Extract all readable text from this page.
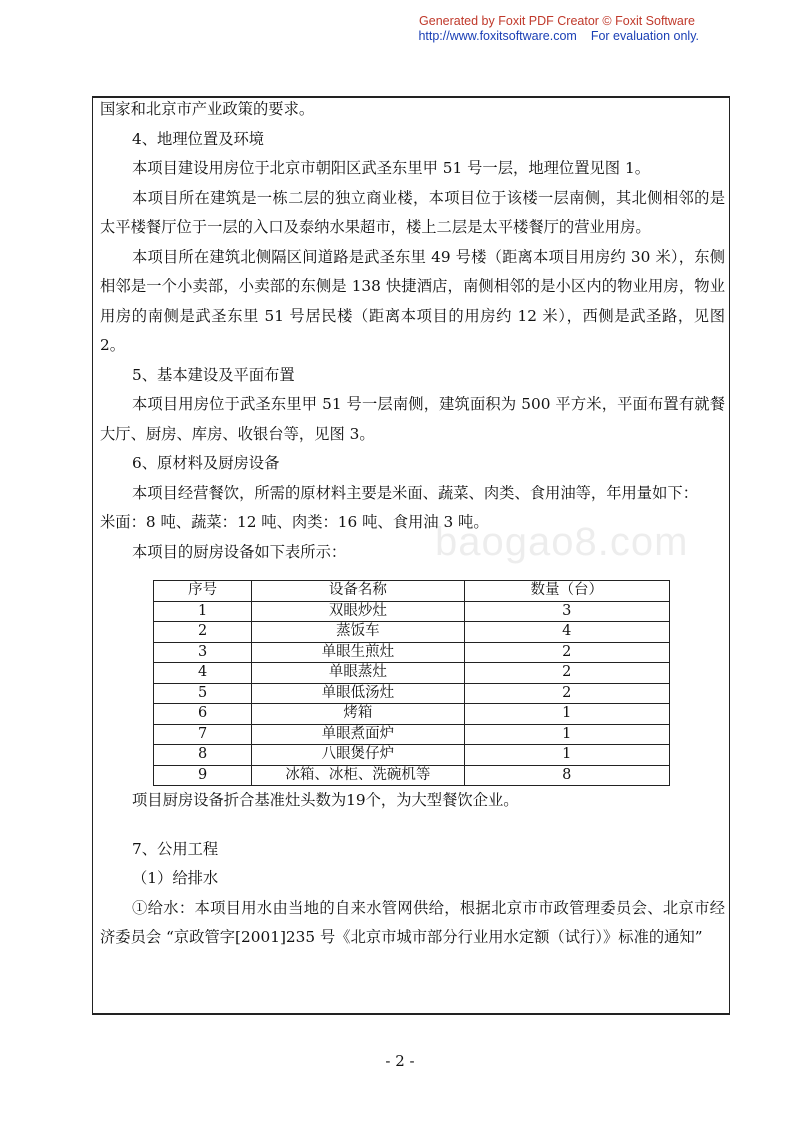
Generated by Foxit PDF Creator © Foxit Software
http://www.foxitsoftware.com For evaluation only.
baogao8.com

国家和北京市产业政策的要求。

4、地理位置及环境

本项目建设用房位于北京市朝阳区武圣东里甲 51 号一层，地理位置见图 1。

本项目所在建筑是一栋二层的独立商业楼，本项目位于该楼一层南侧，其北侧相邻的是太平楼餐厅位于一层的入口及泰纳水果超市，楼上二层是太平楼餐厅的营业用房。

本项目所在建筑北侧隔区间道路是武圣东里 49 号楼（距离本项目用房约 30 米），东侧相邻是一个小卖部，小卖部的东侧是 138 快捷酒店，南侧相邻的是小区内的物业用房，物业用房的南侧是武圣东里 51 号居民楼（距离本项目的用房约 12 米），西侧是武圣路，见图 2。

5、基本建设及平面布置

本项目用房位于武圣东里甲 51 号一层南侧，建筑面积为 500 平方米，平面布置有就餐大厅、厨房、库房、收银台等，见图 3。

6、原材料及厨房设备

本项目经营餐饮，所需的原材料主要是米面、蔬菜、肉类、食用油等，年用量如下：

米面：8 吨、蔬菜：12 吨、肉类：16 吨、食用油 3 吨。

本项目的厨房设备如下表所示：

序号	设备名称	数量（台）
1	双眼炒灶	3
2	蒸饭车	4
3	单眼生煎灶	2
4	单眼蒸灶	2
5	单眼低汤灶	2
6	烤箱	1
7	单眼煮面炉	1
8	八眼煲仔炉	1
9	冰箱、冰柜、洗碗机等	8

项目厨房设备折合基准灶头数为19个，为大型餐饮企业。

7、公用工程

（1）给排水

①给水：本项目用水由当地的自来水管网供给，根据北京市市政管理委员会、北京市经济委员会 “京政管字[2001]235 号《北京市城市部分行业用水定额（试行）》标准的通知”

- 2 -
